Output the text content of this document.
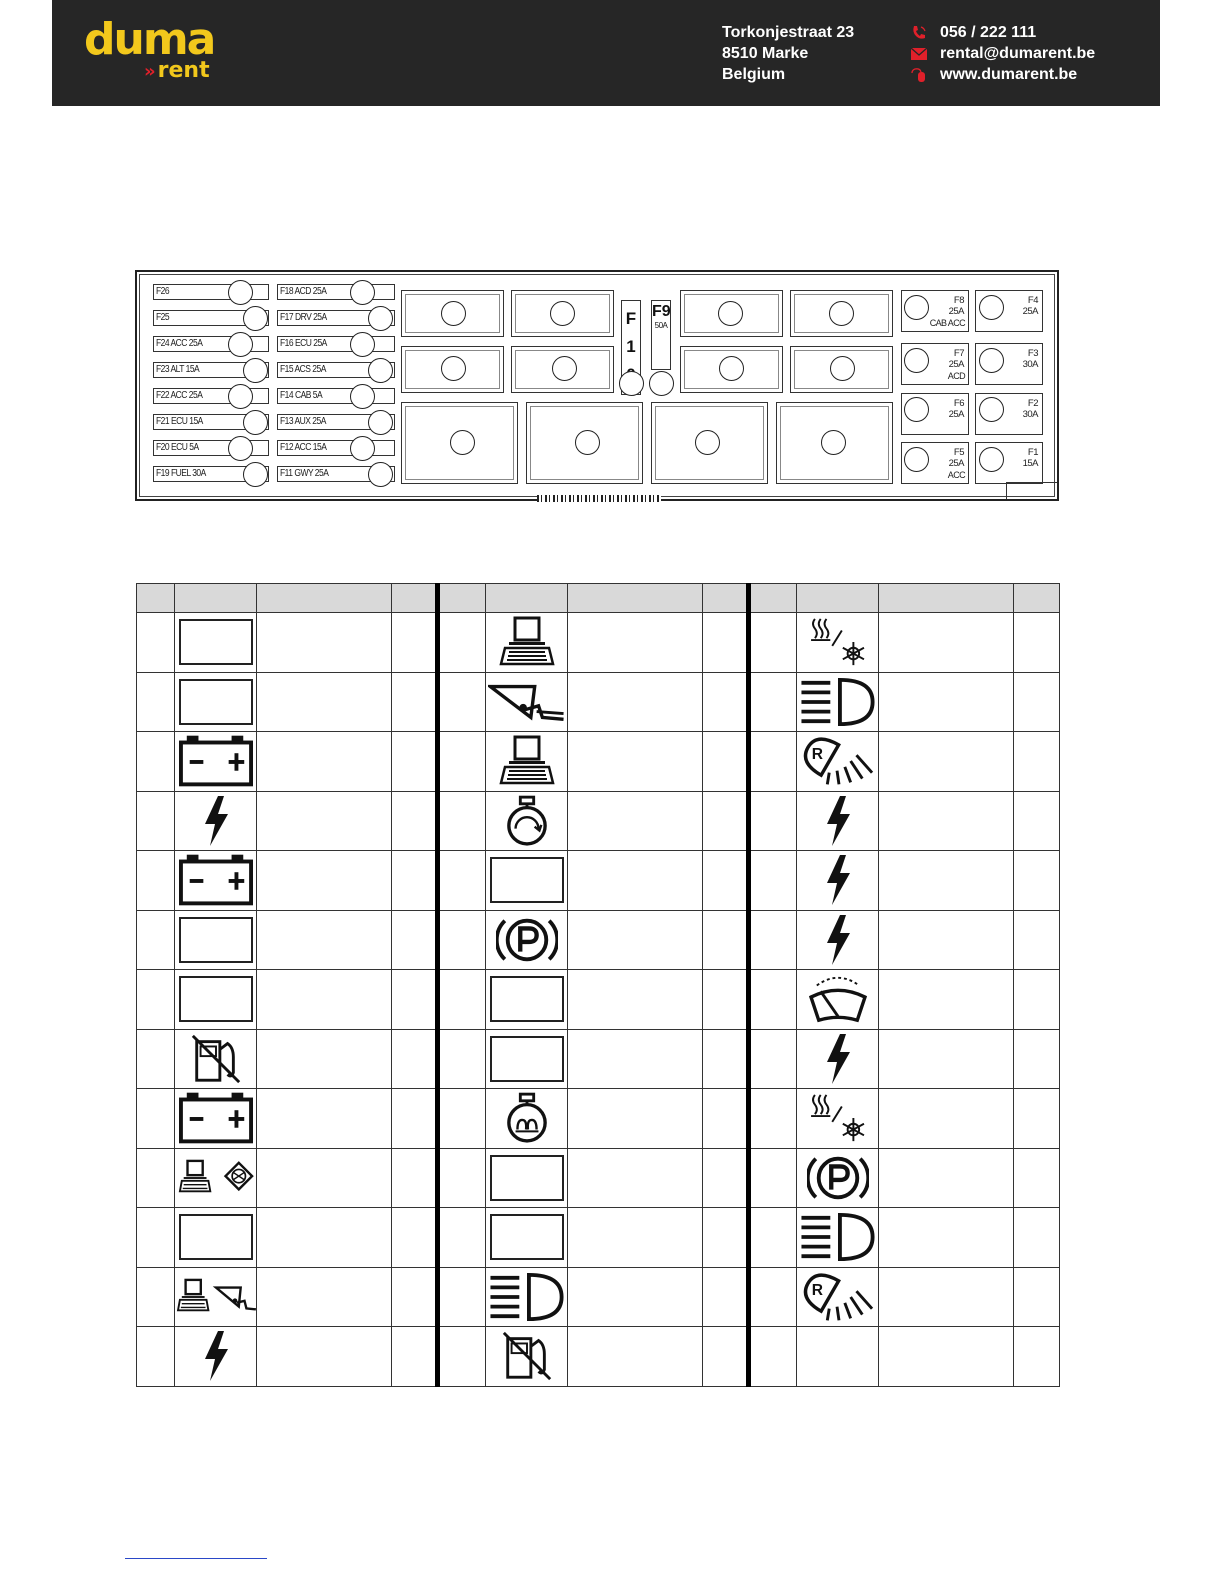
duma
»rent
Torkonjestraat 23
8510 Marke
Belgium
056 / 222 111
rental@dumarent.be
www.dumarent.be
F26
F25
F24 ACC 25A
F23 ALT 15A
F22 ACC 25A
F21 ECU 15A
F20 ECU 5A
F19 FUEL 30A
F18 ACD 25A
F17 DRV 25A
F16 ECU 25A
F15 ACS 25A
F14 CAB 5A
F13 AUX 25A
F12 ACC 15A
F11 GWY 25A
F
1
F9
50A
F8
25A
CAB ACC
F4
25A
F7
25A
ACD
F3
30A
F6
25A
F2
30A
F5
25A
ACC
F1
15A
